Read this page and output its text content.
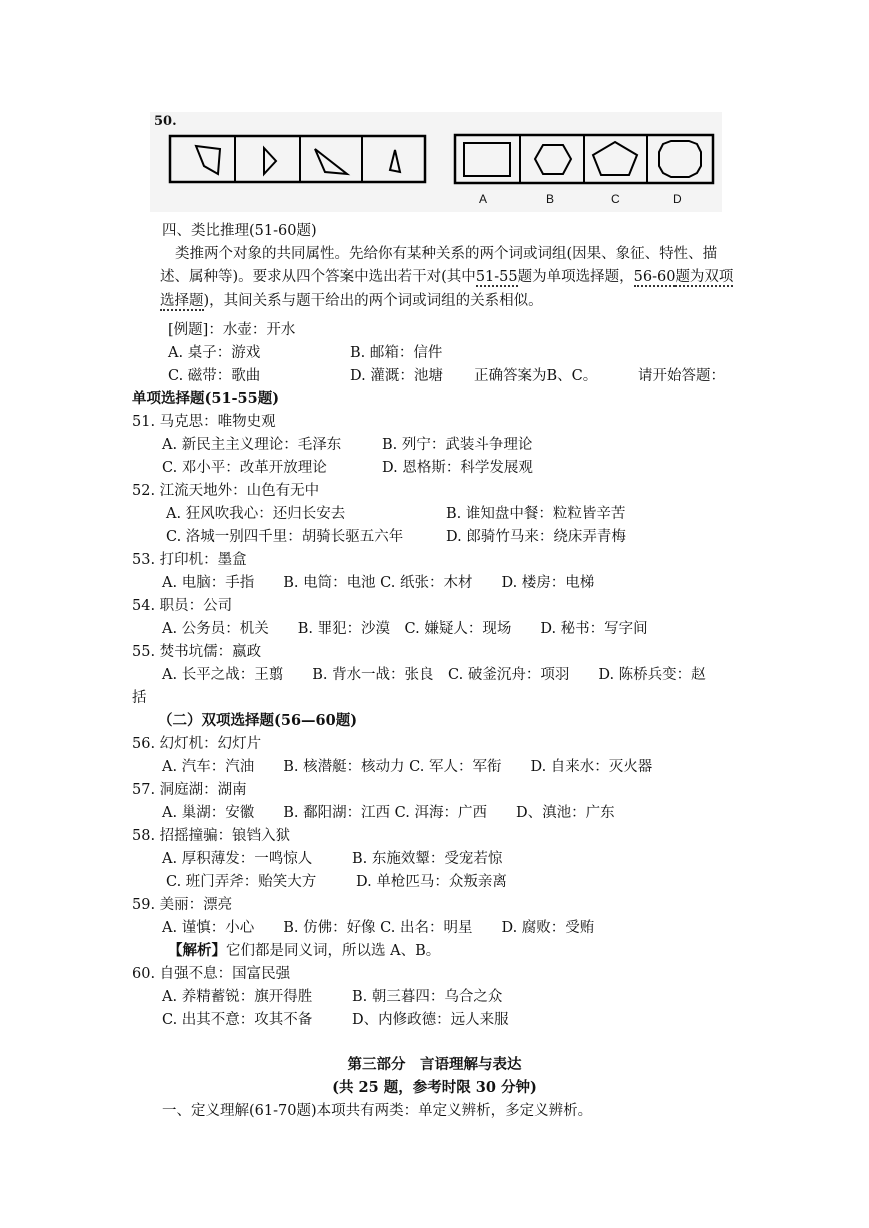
50.
A	B	C	D
四、类比推理(51-60题)
类推两个对象的共同属性。先给你有某种关系的两个词或词组(因果、象征、特性、描
述、属种等)。要求从四个答案中选出若干对(其中51-55题为单项选择题，56-60题为双项
选择题)，其间关系与题干给出的两个词或词组的关系相似。
[例题]：水壶：开水
A. 桌子：游戏	B. 邮箱：信件
C. 磁带：歌曲	D. 灌溉：池塘 正确答案为B、C。	请开始答题：
单项选择题(51-55题)
51. 马克思：唯物史观
A. 新民主主义理论：毛泽东	B. 列宁：武装斗争理论
C. 邓小平：改革开放理论	D. 恩格斯：科学发展观
52. 江流天地外：山色有无中
A. 狂风吹我心：还归长安去	B. 谁知盘中餐：粒粒皆辛苦
C. 洛城一别四千里：胡骑长驱五六年	D. 郎骑竹马来：绕床弄青梅
53. 打印机：墨盒
A. 电脑：手指　　B. 电筒：电池 C. 纸张：木材　　D. 楼房：电梯
54. 职员：公司
A. 公务员：机关　　B. 罪犯：沙漠　C. 嫌疑人：现场　　D. 秘书：写字间
55. 焚书坑儒：嬴政
A. 长平之战：王翦　　B. 背水一战：张良　C. 破釜沉舟：项羽　　D. 陈桥兵变：赵
括
（二）双项选择题(56—60题)
56. 幻灯机：幻灯片
A. 汽车：汽油　　B. 核潜艇：核动力 C. 军人：军衔　　D. 自来水：灭火器
57. 洞庭湖：湖南
A. 巢湖：安徽　　B. 鄱阳湖：江西 C. 洱海：广西　　D、滇池：广东
58. 招摇撞骗：锒铛入狱
A. 厚积薄发：一鸣惊人	B. 东施效颦：受宠若惊
C. 班门弄斧：贻笑大方	D. 单枪匹马：众叛亲离
59. 美丽：漂亮
A. 谨慎：小心　　B. 仿佛：好像 C. 出名：明星　　D. 腐败：受贿
【解析】它们都是同义词，所以选 A、B。
60. 自强不息：国富民强
A. 养精蓄锐：旗开得胜	B. 朝三暮四：乌合之众
C. 出其不意：攻其不备	D、内修政德：远人来服
第三部分　言语理解与表达
(共 25 题，参考时限 30 分钟)
一、定义理解(61-70题)本项共有两类：单定义辨析，多定义辨析。
